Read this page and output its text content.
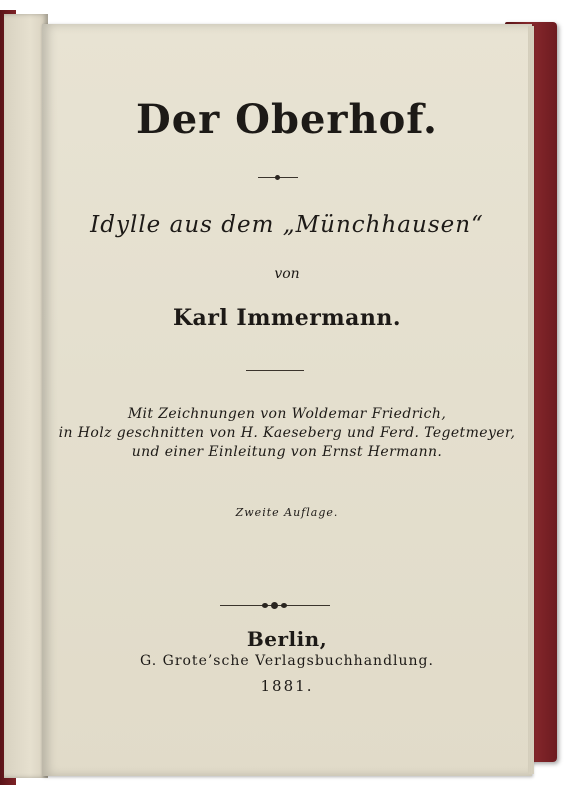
Der Oberhof.
Idylle aus dem „Münchhausen“
von
Karl Immermann.
Mit Zeichnungen von Woldemar Friedrich,
in Holz geschnitten von H. Kaeseberg und Ferd. Tegetmeyer,
und einer Einleitung von Ernst Hermann.
Zweite Auflage.
Berlin,
G. Grote’sche Verlagsbuchhandlung.
1881.
